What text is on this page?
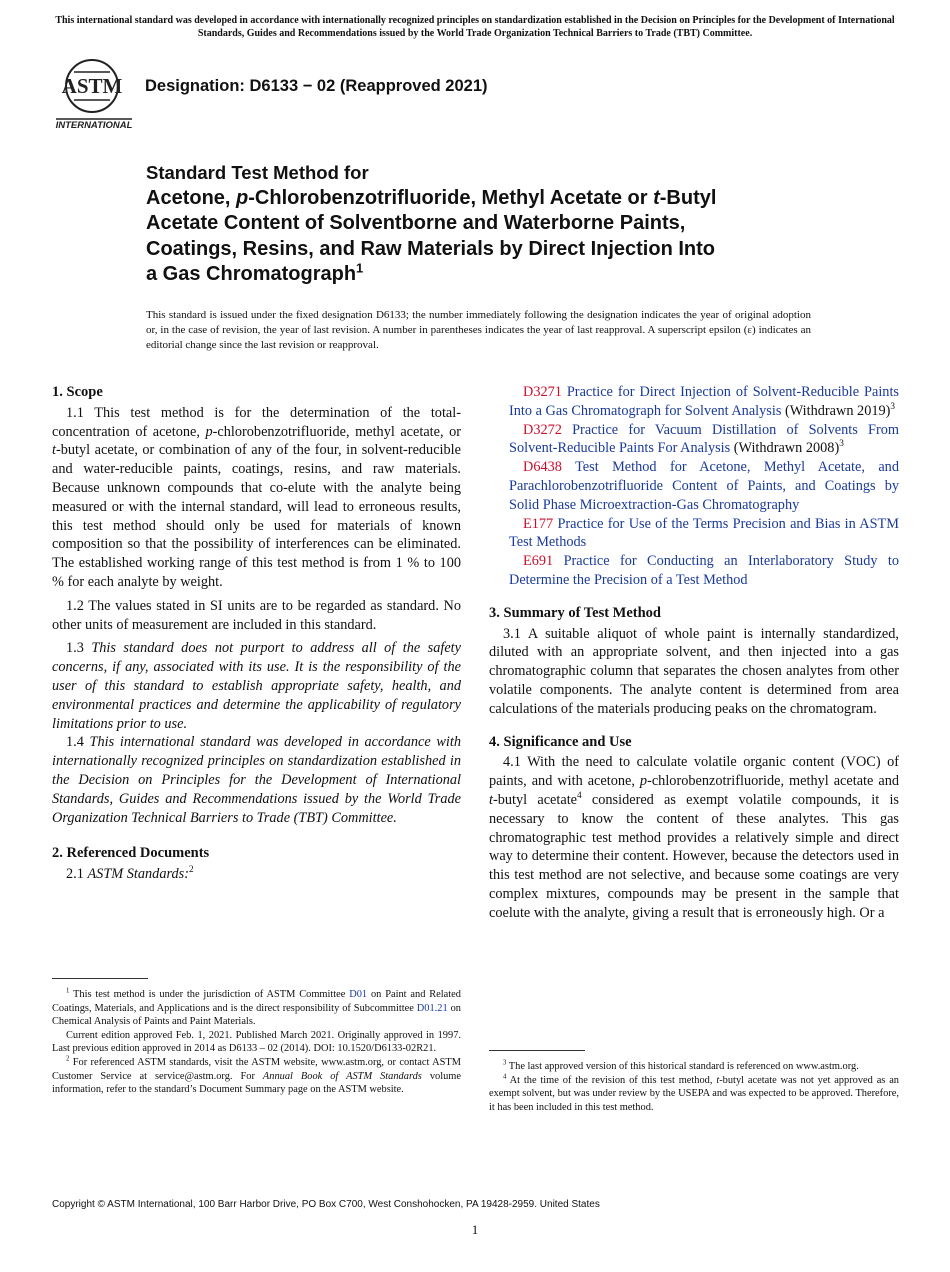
This international standard was developed in accordance with internationally recognized principles on standardization established in the Decision on Principles for the Development of International Standards, Guides and Recommendations issued by the World Trade Organization Technical Barriers to Trade (TBT) Committee.
ASTM
INTERNATIONAL
Designation: D6133 − 02 (Reapproved 2021)
Standard Test Method for
Acetone, p-Chlorobenzotrifluoride, Methyl Acetate or t-Butyl
Acetate Content of Solventborne and Waterborne Paints,
Coatings, Resins, and Raw Materials by Direct Injection Into
a Gas Chromatograph$^1$
This standard is issued under the fixed designation D6133; the number immediately following the designation indicates the year of original adoption or, in the case of revision, the year of last revision. A number in parentheses indicates the year of last reapproval. A superscript epsilon (ε) indicates an editorial change since the last revision or reapproval.
1. Scope

1.1 This test method is for the determination of the total-concentration of acetone, p-chlorobenzotrifluoride, methyl acetate, or t-butyl acetate, or combination of any of the four, in solvent-reducible and water-reducible paints, coatings, resins, and raw materials. Because unknown compounds that co-elute with the analyte being measured or with the internal standard, will lead to erroneous results, this test method should only be used for materials of known composition so that the possibility of interferences can be eliminated. The established working range of this test method is from 1 % to 100 % for each analyte by weight.

1.2 The values stated in SI units are to be regarded as standard. No other units of measurement are included in this standard.

1.3 This standard does not purport to address all of the safety concerns, if any, associated with its use. It is the responsibility of the user of this standard to establish appropriate safety, health, and environmental practices and determine the applicability of regulatory limitations prior to use.

1.4 This international standard was developed in accordance with internationally recognized principles on standardization established in the Decision on Principles for the Development of International Standards, Guides and Recommendations issued by the World Trade Organization Technical Barriers to Trade (TBT) Committee.

2. Referenced Documents

2.1 ASTM Standards:$^2$

$^1$ This test method is under the jurisdiction of ASTM Committee D01 on Paint and Related Coatings, Materials, and Applications and is the direct responsibility of Subcommittee D01.21 on Chemical Analysis of Paints and Paint Materials.

Current edition approved Feb. 1, 2021. Published March 2021. Originally approved in 1997. Last previous edition approved in 2014 as D6133 – 02 (2014). DOI: 10.1520/D6133-02R21.

$^2$ For referenced ASTM standards, visit the ASTM website, www.astm.org, or contact ASTM Customer Service at service@astm.org. For Annual Book of ASTM Standards volume information, refer to the standard’s Document Summary page on the ASTM website.

D3271 Practice for Direct Injection of Solvent-Reducible Paints Into a Gas Chromatograph for Solvent Analysis (Withdrawn 2019)$^3$

D3272 Practice for Vacuum Distillation of Solvents From Solvent-Reducible Paints For Analysis (Withdrawn 2008)$^3$

D6438 Test Method for Acetone, Methyl Acetate, and Parachlorobenzotrifluoride Content of Paints, and Coatings by Solid Phase Microextraction-Gas Chromatography

E177 Practice for Use of the Terms Precision and Bias in ASTM Test Methods

E691 Practice for Conducting an Interlaboratory Study to Determine the Precision of a Test Method

3. Summary of Test Method

3.1 A suitable aliquot of whole paint is internally standardized, diluted with an appropriate solvent, and then injected into a gas chromatographic column that separates the chosen analytes from other volatile components. The analyte content is determined from area calculations of the materials producing peaks on the chromatogram.

4. Significance and Use

4.1 With the need to calculate volatile organic content (VOC) of paints, and with acetone, p-chlorobenzotrifluoride, methyl acetate and t-butyl acetate$^4$ considered as exempt volatile compounds, it is necessary to know the content of these analytes. This gas chromatographic test method provides a relatively simple and direct way to determine their content. However, because the detectors used in this test method are not selective, and because some coatings are very complex mixtures, compounds may be present in the sample that coelute with the analyte, giving a result that is erroneously high. Or a

$^3$ The last approved version of this historical standard is referenced on www.astm.org.

$^4$ At the time of the revision of this test method, t-butyl acetate was not yet approved as an exempt solvent, but was under review by the USEPA and was expected to be approved. Therefore, it has been included in this test method.

Copyright © ASTM International, 100 Barr Harbor Drive, PO Box C700, West Conshohocken, PA 19428-2959. United States
1
